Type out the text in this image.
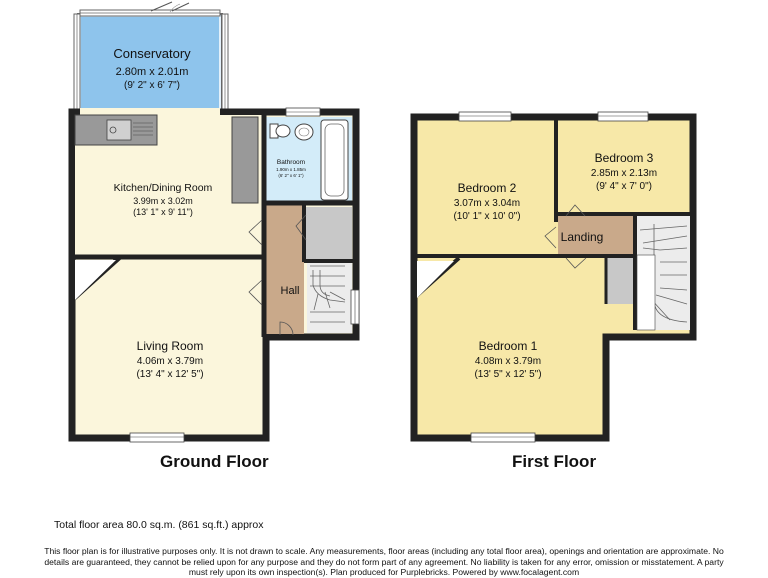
Conservatory
2.80m x 2.01m
(9' 2" x 6' 7")
Bathroom
1.90m x 1.85m
(6' 2" x 6' 1")
Kitchen/Dining Room
3.99m x 3.02m
(13' 1" x 9' 11")
Hall
Living Room
4.06m x 3.79m
(13' 4" x 12' 5")
Landing
Bedroom 2
3.07m x 3.04m
(10' 1" x 10' 0")
Bedroom 3
2.85m x 2.13m
(9' 4" x 7' 0")
Bedroom 1
4.08m x 3.79m
(13' 5" x 12' 5")
Ground Floor	First Floor
Total floor area 80.0 sq.m. (861 sq.ft.) approx
This floor plan is for illustrative purposes only. It is not drawn to scale. Any measurements, floor areas (including any total floor area), openings and orientation are approximate. No details are guaranteed, they cannot be relied upon for any purpose and they do not form part of any agreement. No liability is taken for any error, omission or misstatement. A party must rely upon its own inspection(s). Plan produced for Purplebricks. Powered by www.focalagent.com
